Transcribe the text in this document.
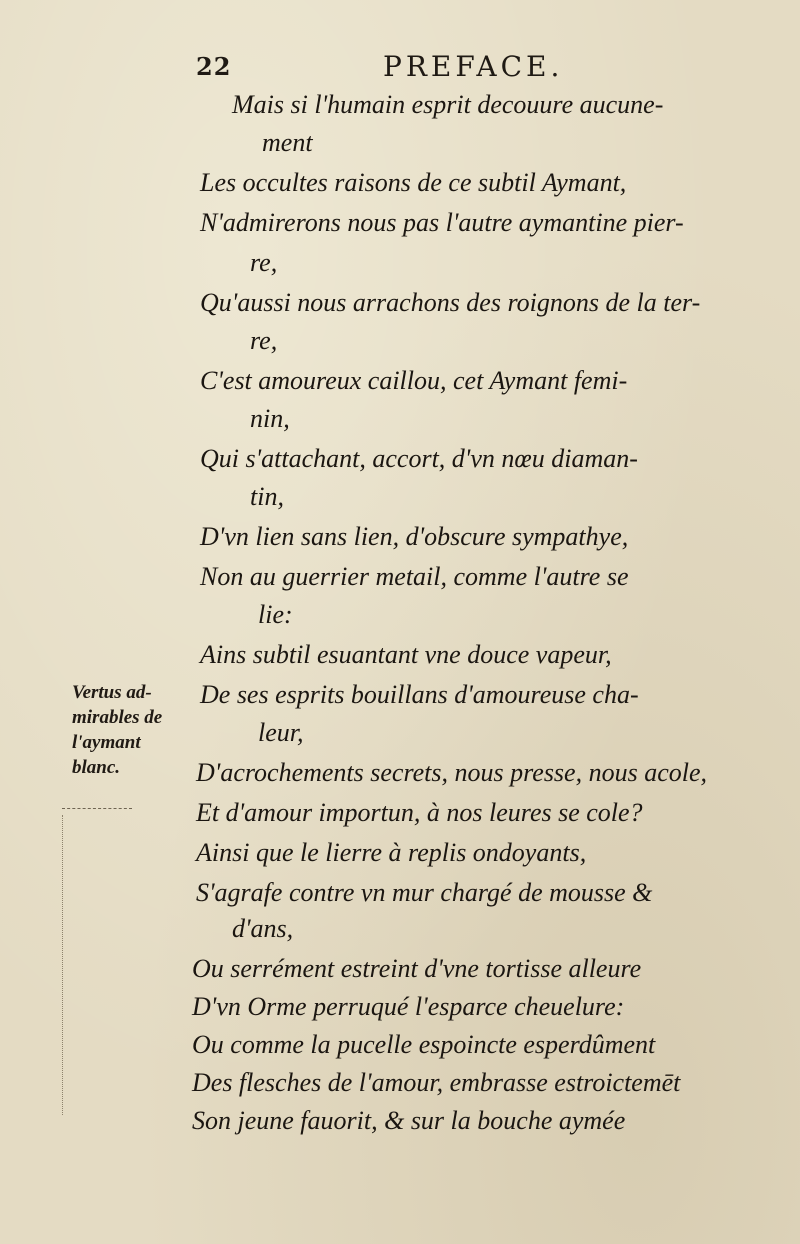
22	PREFACE.
Mais si l'humain esprit decouure aucune-
ment
Les occultes raisons de ce subtil Aymant,
N'admirerons nous pas l'autre aymantine pier-
re,
Qu'aussi nous arrachons des roignons de la ter-
re,
C'est amoureux caillou, cet Aymant femi-
nin,
Qui s'attachant, accort, d'vn nœu diaman-
tin,
D'vn lien sans lien, d'obscure sympathye,
Non au guerrier metail, comme l'autre se
lie:
Ains subtil esuantant vne douce vapeur,
De ses esprits bouillans d'amoureuse cha-
leur,
D'acrochements secrets, nous presse, nous acole,
Et d'amour importun, à nos leures se cole?
Ainsi que le lierre à replis ondoyants,
S'agrafe contre vn mur chargé de mousse &
d'ans,
Ou serrément estreint d'vne tortisse alleure
D'vn Orme perruqué l'esparce cheuelure:
Ou comme la pucelle espoincte esperdûment
Des flesches de l'amour, embrasse estroictemēt
Son jeune fauorit, & sur la bouche aymée
Vertus ad-
mirables de
l'aymant
blanc.
